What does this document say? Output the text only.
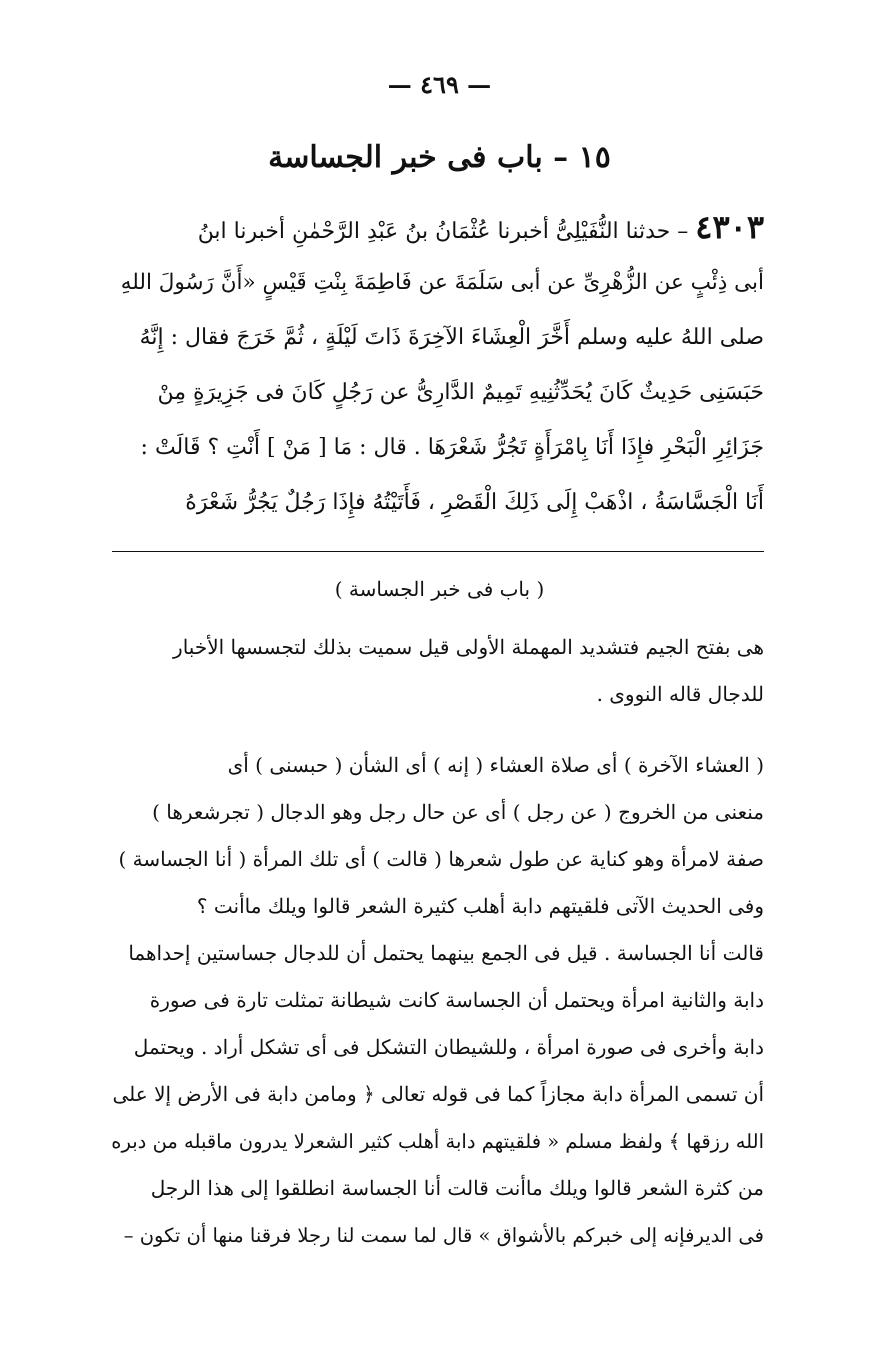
— ٤٦٩ —
١٥ – باب فى خبر الجساسة
٤٣٠٣ – حدثنا النُّفَيْلِىُّ أخبرنا عُثْمَانُ بنُ عَبْدِ الرَّحْمٰنِ أخبرنا ابنُ
أبى ذِئْبٍ عن الزُّهْرِىِّ عن أبى سَلَمَةَ عن فَاطِمَةَ بِنْتِ قَيْسٍ «أَنَّ رَسُولَ اللهِ
صلى اللهُ عليه وسلم أَخَّرَ الْعِشَاءَ الآخِرَةَ ذَاتَ لَيْلَةٍ ، ثُمَّ خَرَجَ فقال : إِنَّهُ
حَبَسَنِى حَدِيثٌ كَانَ يُحَدِّثُنِيهِ تَمِيمٌ الدَّارِىُّ عن رَجُلٍ كَانَ فى جَزِيرَةٍ مِنْ
جَزَائِرِ الْبَحْرِ فإِذَا أَنَا بِامْرَأَةٍ تَجُرُّ شَعْرَهَا . قال : مَا [ مَنْ ] أَنْتِ ؟ قَالَتْ :
أَنَا الْجَسَّاسَةُ ، اذْهَبْ إِلَى ذَلِكَ الْقَصْرِ ، فَأَتَيْتُهُ فإِذَا رَجُلٌ يَجُرُّ شَعْرَهُ
( باب فى خبر الجساسة )
هى بفتح الجيم فتشديد المهملة الأولى قيل سميت بذلك لتجسسها الأخبار
للدجال قاله النووى .
( العشاء الآخرة ) أى صلاة العشاء ( إنه ) أى الشأن ( حبسنى ) أى
منعنى من الخروج ( عن رجل ) أى عن حال رجل وهو الدجال ( تجرشعرها )
صفة لامرأة وهو كناية عن طول شعرها ( قالت ) أى تلك المرأة ( أنا الجساسة )
وفى الحديث الآتى فلقيتهم دابة أهلب كثيرة الشعر قالوا ويلك ماأنت ؟
قالت أنا الجساسة . قيل فى الجمع بينهما يحتمل أن للدجال جساستين إحداهما
دابة والثانية امرأة ويحتمل أن الجساسة كانت شيطانة تمثلت تارة فى صورة
دابة وأخرى فى صورة امرأة ، وللشيطان التشكل فى أى تشكل أراد . ويحتمل
أن تسمى المرأة دابة مجازاً كما فى قوله تعالى ﴿ ومامن دابة فى الأرض إلا على
الله رزقها ﴾ ولفظ مسلم « فلقيتهم دابة أهلب كثير الشعرلا يدرون ماقبله من دبره
من كثرة الشعر قالوا ويلك ماأنت قالت أنا الجساسة انطلقوا إلى هذا الرجل
فى الديرفإنه إلى خبركم بالأشواق » قال لما سمت لنا رجلا فرقنا منها أن تكون –
